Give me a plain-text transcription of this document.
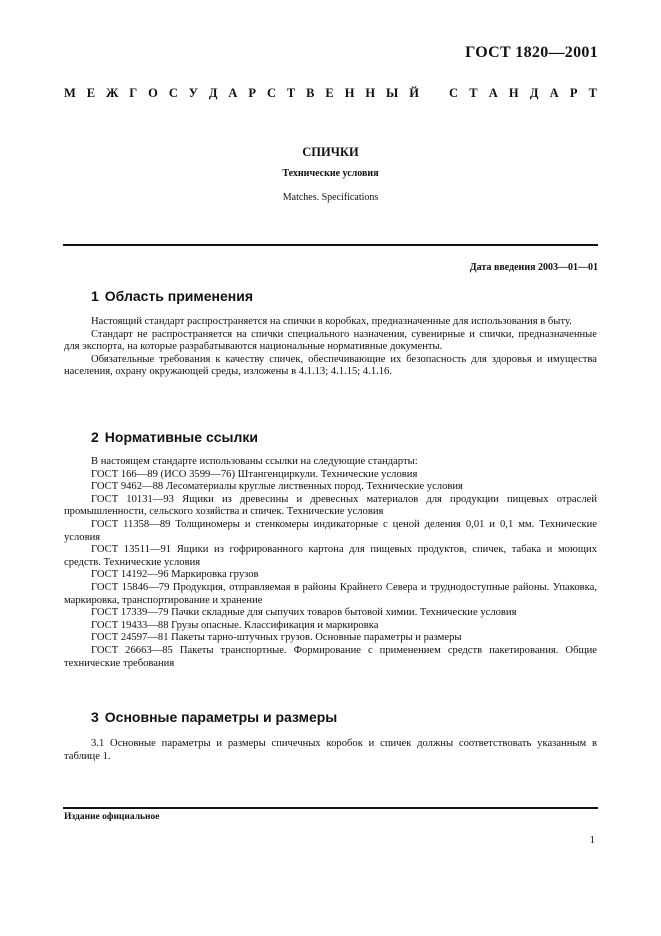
ГОСТ 1820—2001
М Е Ж Г О С У Д А Р С Т В Е Н Н Ы Й С Т А Н Д А Р Т
СПИЧКИ
Технические условия
Matches. Specifications
Дата введения 2003—01—01
1 Область применения

Настоящий стандарт распространяется на спички в коробках, предназначенные для использования в быту.

Стандарт не распространяется на спички специального назначения, сувенирные и спички, предназначенные для экспорта, на которые разрабатываются национальные нормативные документы.

Обязательные требования к качеству спичек, обеспечивающие их безопасность для здоровья и имущества населения, охрану окружающей среды, изложены в 4.1.13; 4.1.15; 4.1.16.

2 Нормативные ссылки

В настоящем стандарте использованы ссылки на следующие стандарты:

ГОСТ 166—89 (ИСО 3599—76) Штангенциркули. Технические условия

ГОСТ 9462—88 Лесоматериалы круглые лиственных пород. Технические условия

ГОСТ 10131—93 Ящики из древесины и древесных материалов для продукции пищевых отраслей промышленности, сельского хозяйства и спичек. Технические условия

ГОСТ 11358—89 Толщиномеры и стенкомеры индикаторные с ценой деления 0,01 и 0,1 мм. Технические условия

ГОСТ 13511—91 Ящики из гофрированного картона для пищевых продуктов, спичек, табака и моющих средств. Технические условия

ГОСТ 14192—96 Маркировка грузов

ГОСТ 15846—79 Продукция, отправляемая в районы Крайнего Севера и труднодоступные районы. Упаковка, маркировка, транспортирование и хранение

ГОСТ 17339—79 Пачки складные для сыпучих товаров бытовой химии. Технические условия

ГОСТ 19433—88 Грузы опасные. Классификация и маркировка

ГОСТ 24597—81 Пакеты тарно-штучных грузов. Основные параметры и размеры

ГОСТ 26663—85 Пакеты транспортные. Формирование с применением средств пакетирования. Общие технические требования

3 Основные параметры и размеры

3.1 Основные параметры и размеры спичечных коробок и спичек должны соответствовать указанным в таблице 1.

Издание официальное
1
